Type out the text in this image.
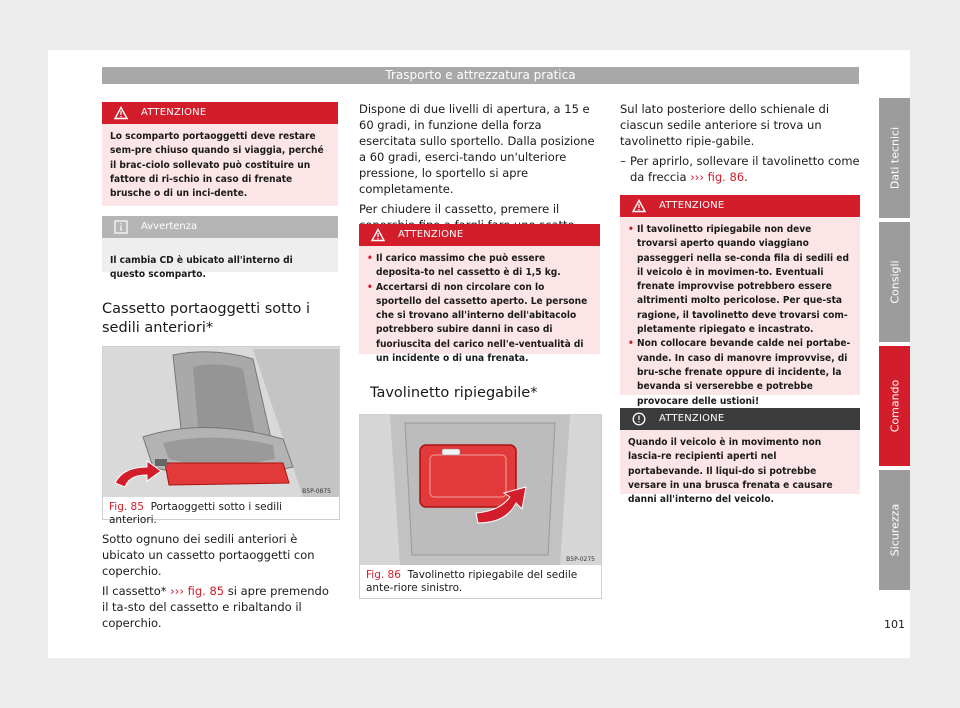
Trasporto e attrezzatura pratica
ATTENZIONE

Lo scomparto portaoggetti deve restare sem-pre chiuso quando si viaggia, perché il brac-ciolo sollevato può costituire un fattore di ri-schio in caso di frenate brusche o di un inci-dente.

Avvertenza

Il cambia CD è ubicato all'interno di questo scomparto.

Cassetto portaoggetti sotto i sedili anteriori*
B5P-0875
Fig. 85 Portaoggetti sotto i sedili anteriori.

Sotto ognuno dei sedili anteriori è ubicato un cassetto portaoggetti con coperchio.

Il cassetto* ››› fig. 85 si apre premendo il ta-sto del cassetto e ribaltando il coperchio.

Dispone di due livelli di apertura, a 15 e 60 gradi, in funzione della forza esercitata sullo sportello. Dalla posizione a 60 gradi, eserci-tando un'ulteriore pressione, lo sportello si apre completamente.

Per chiudere il cassetto, premere il

ATTENZIONE

• Il carico massimo che può essere deposita-to nel cassetto è di 1,5 kg.

• Accertarsi di non circolare con lo sportello del cassetto aperto. Le persone che si trovano all'interno dell'abitacolo potrebbero subire danni in caso di fuoriuscita del carico nell'e-ventualità di un incidente o di una frenata.

Tavolinetto ripiegabile*
B5P-0275
Fig. 86 Tavolinetto ripiegabile del sedile ante-riore sinistro.

Sul lato posteriore dello schienale di ciascun sedile anteriore si trova un tavolinetto ripie-gabile.

– Per aprirlo, sollevare il tavolinetto come da freccia ››› fig. 86.

ATTENZIONE

• Il tavolinetto ripiegabile non deve trovarsi aperto quando viaggiano passeggeri nella se-conda fila di sedili ed il veicolo è in movimen-to. Eventuali frenate improvvise potrebbero essere altrimenti molto pericolose. Per que-sta ragione, il tavolinetto deve trovarsi com-pletamente ripiegato e incastrato.

• Non collocare bevande calde nei portabe-vande. In caso di manovre improvvise, di bru-sche frenate oppure di incidente, la bevanda si verserebbe e potrebbe provocare delle ustioni!

ATTENZIONE

Quando il veicolo è in movimento non lascia-re recipienti aperti nel portabevande. Il liqui-do si potrebbe versare in una brusca frenata e causare danni all'interno del veicolo.

Dati tecnici
Consigli
Comando
Sicurezza
101
